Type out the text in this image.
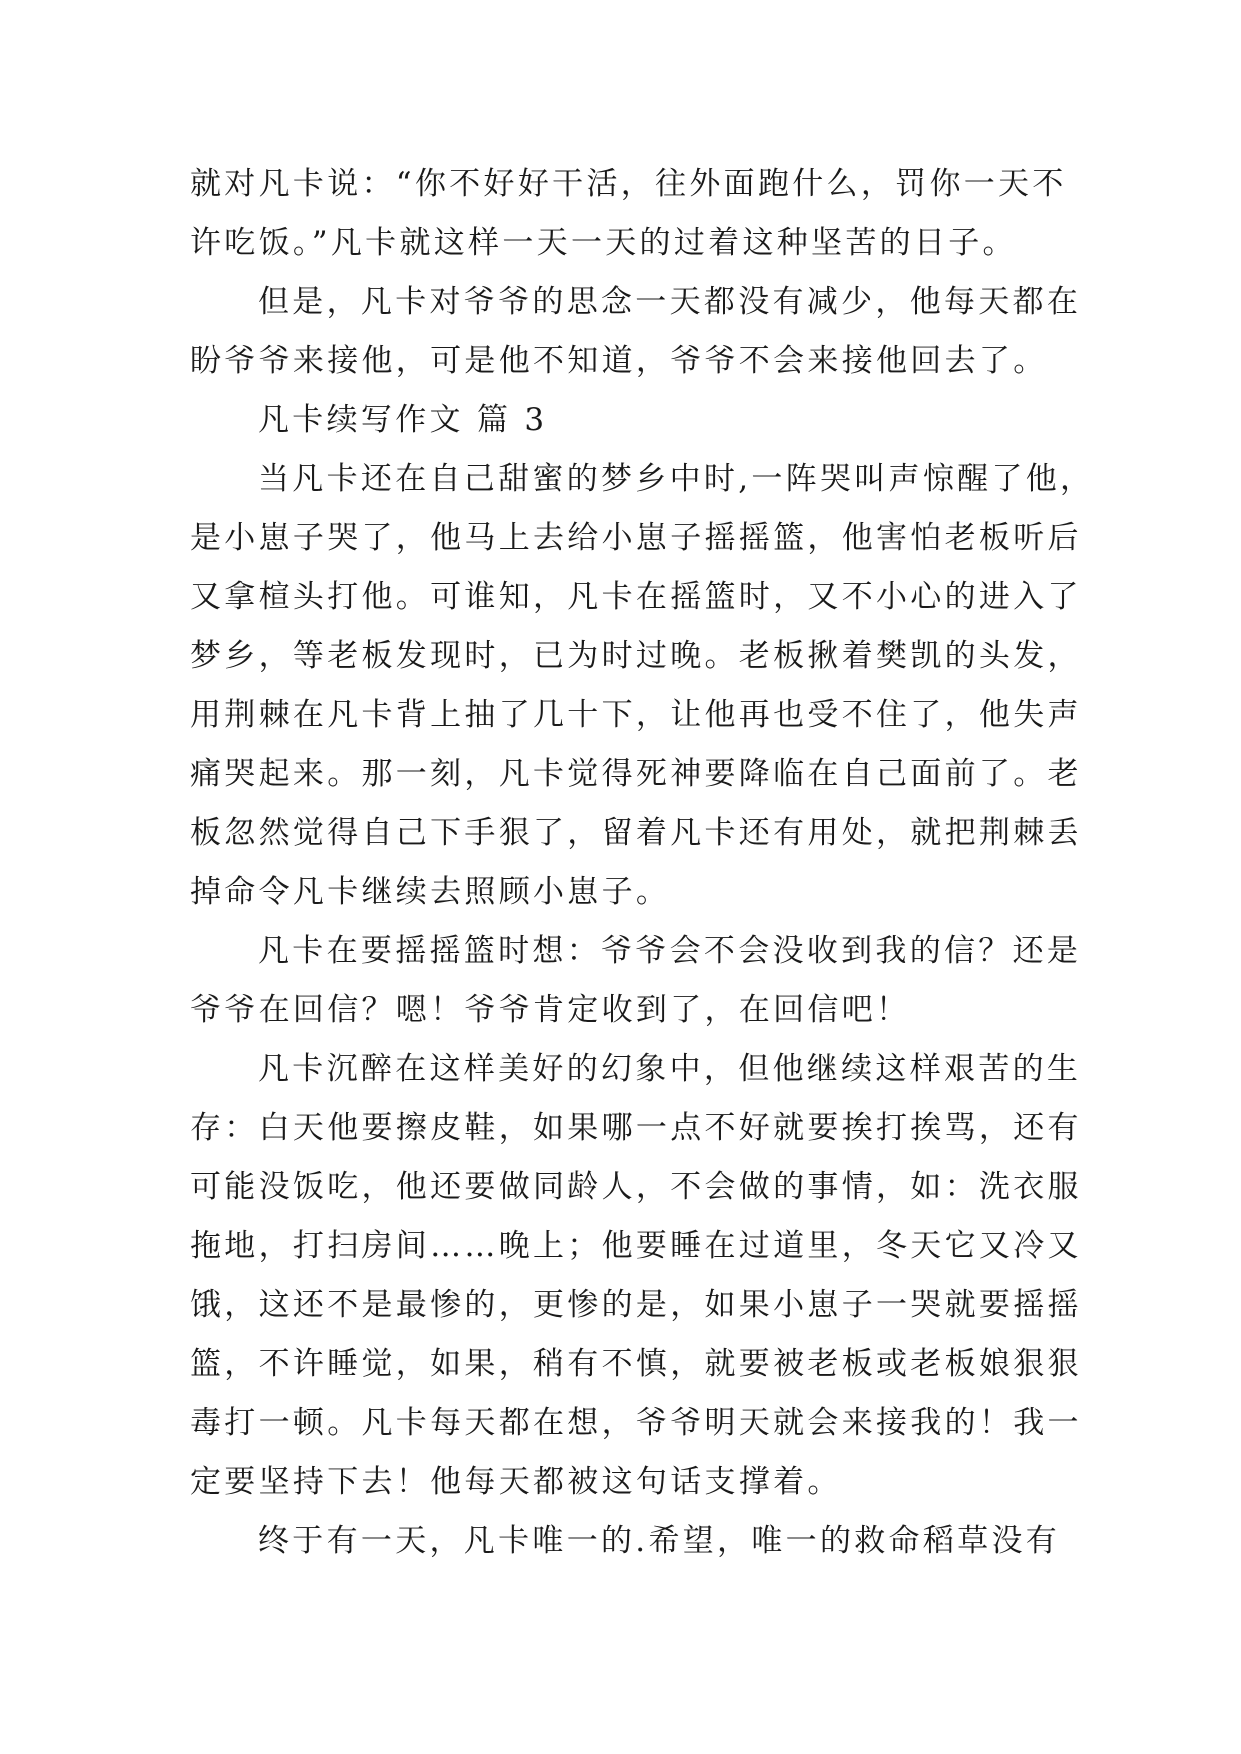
就对凡卡说：“你不好好干活，往外面跑什么，罚你一天不
许吃饭。”凡卡就这样一天一天的过着这种坚苦的日子。
但是，凡卡对爷爷的思念一天都没有减少，他每天都在
盼爷爷来接他，可是他不知道，爷爷不会来接他回去了。
凡卡续写作文 篇 3
当凡卡还在自己甜蜜的梦乡中时,一阵哭叫声惊醒了他，
是小崽子哭了，他马上去给小崽子摇摇篮，他害怕老板听后
又拿楦头打他。可谁知，凡卡在摇篮时，又不小心的进入了
梦乡，等老板发现时，已为时过晚。老板揪着樊凯的头发，
用荆棘在凡卡背上抽了几十下，让他再也受不住了，他失声
痛哭起来。那一刻，凡卡觉得死神要降临在自己面前了。老
板忽然觉得自己下手狠了，留着凡卡还有用处，就把荆棘丢
掉命令凡卡继续去照顾小崽子。
凡卡在要摇摇篮时想：爷爷会不会没收到我的信？还是
爷爷在回信？嗯！爷爷肯定收到了，在回信吧！
凡卡沉醉在这样美好的幻象中，但他继续这样艰苦的生
存：白天他要擦皮鞋，如果哪一点不好就要挨打挨骂，还有
可能没饭吃，他还要做同龄人，不会做的事情，如：洗衣服
拖地，打扫房间……晚上；他要睡在过道里，冬天它又冷又
饿，这还不是最惨的，更惨的是，如果小崽子一哭就要摇摇
篮，不许睡觉，如果，稍有不慎，就要被老板或老板娘狠狠
毒打一顿。凡卡每天都在想，爷爷明天就会来接我的！我一
定要坚持下去！他每天都被这句话支撑着。
终于有一天，凡卡唯一的.希望，唯一的救命稻草没有
